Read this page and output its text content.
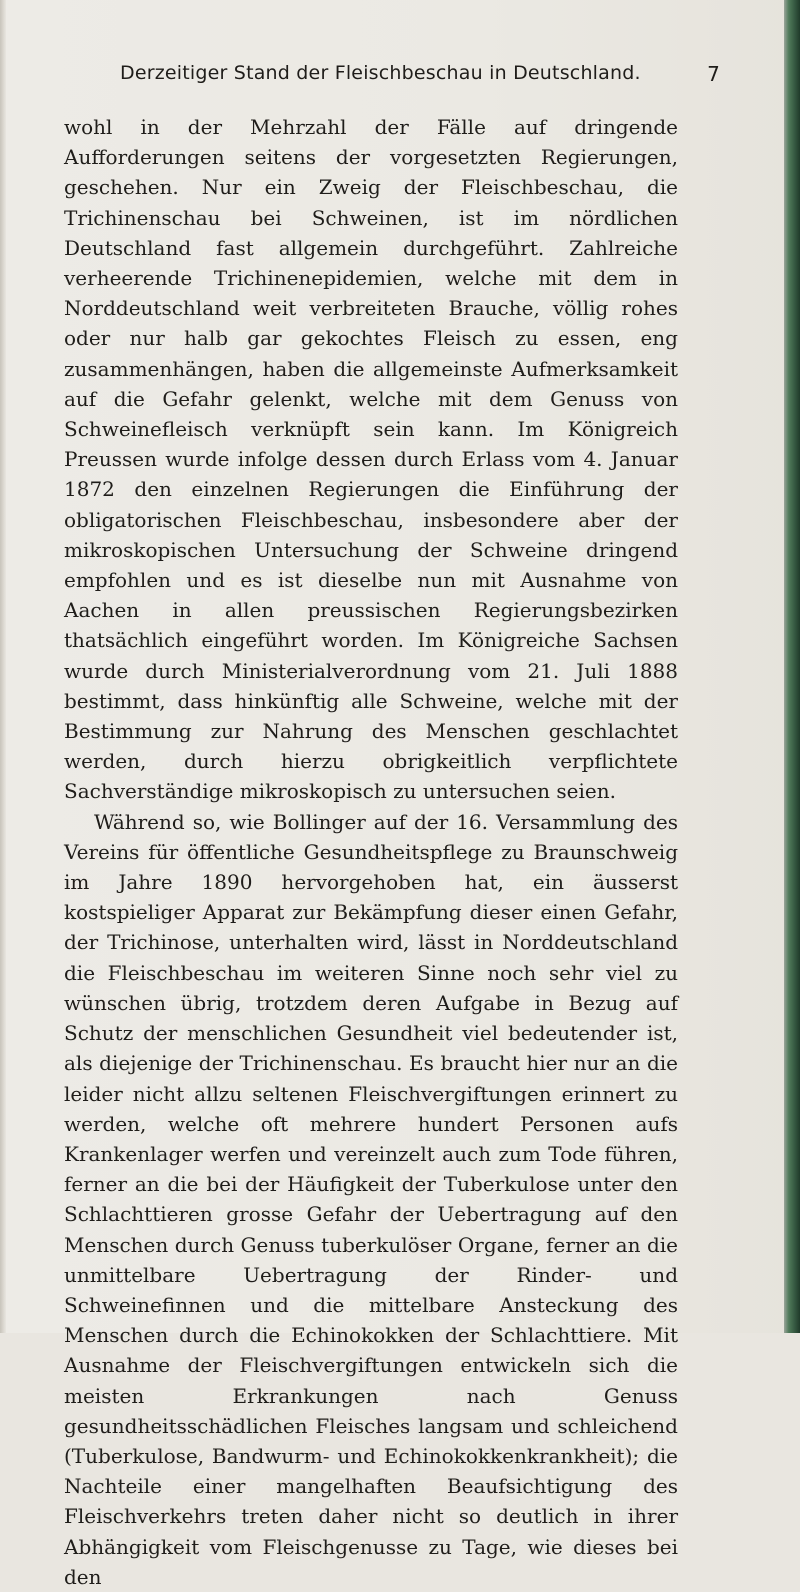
Derzeitiger Stand der Fleischbeschau in Deutschland.	7

wohl in der Mehrzahl der Fälle auf dringende Aufforderungen seitens der vorgesetzten Regierungen, geschehen. Nur ein Zweig der Fleischbeschau, die Trichinenschau bei Schweinen, ist im nördlichen Deutschland fast allgemein durchgeführt. Zahlreiche verheerende Trichinenepidemien, welche mit dem in Norddeutschland weit verbreiteten Brauche, völlig rohes oder nur halb gar gekochtes Fleisch zu essen, eng zusammenhängen, haben die allgemeinste Aufmerksamkeit auf die Gefahr gelenkt, welche mit dem Genuss von Schweinefleisch verknüpft sein kann. Im Königreich Preussen wurde infolge dessen durch Erlass vom 4. Januar 1872 den einzelnen Regierungen die Einführung der obligatorischen Fleischbeschau, insbesondere aber der mikroskopischen Untersuchung der Schweine dringend empfohlen und es ist dieselbe nun mit Ausnahme von Aachen in allen preussischen Regierungsbezirken thatsächlich eingeführt worden. Im Königreiche Sachsen wurde durch Ministerialverordnung vom 21. Juli 1888 bestimmt, dass hinkünftig alle Schweine, welche mit der Bestimmung zur Nahrung des Menschen geschlachtet werden, durch hierzu obrigkeitlich verpflichtete Sachverständige mikroskopisch zu untersuchen seien.

Während so, wie Bollinger auf der 16. Versammlung des Vereins für öffentliche Gesundheitspflege zu Braunschweig im Jahre 1890 hervorgehoben hat, ein äusserst kostspieliger Apparat zur Bekämpfung dieser einen Gefahr, der Trichinose, unterhalten wird, lässt in Norddeutschland die Fleischbeschau im weiteren Sinne noch sehr viel zu wünschen übrig, trotzdem deren Aufgabe in Bezug auf Schutz der menschlichen Gesundheit viel bedeutender ist, als diejenige der Trichinenschau. Es braucht hier nur an die leider nicht allzu seltenen Fleischvergiftungen erinnert zu werden, welche oft mehrere hundert Personen aufs Krankenlager werfen und vereinzelt auch zum Tode führen, ferner an die bei der Häufigkeit der Tuberkulose unter den Schlachttieren grosse Gefahr der Uebertragung auf den Menschen durch Genuss tuberkulöser Organe, ferner an die unmittelbare Uebertragung der Rinder- und Schweinefinnen und die mittelbare Ansteckung des Menschen durch die Echinokokken der Schlachttiere. Mit Ausnahme der Fleischvergiftungen entwickeln sich die meisten Erkrankungen nach Genuss gesundheitsschädlichen Fleisches langsam und schleichend (Tuberkulose, Bandwurm- und Echinokokkenkrankheit); die Nachteile einer mangelhaften Beaufsichtigung des Fleischverkehrs treten daher nicht so deutlich in ihrer Abhängigkeit vom Fleischgenusse zu Tage, wie dieses bei den
